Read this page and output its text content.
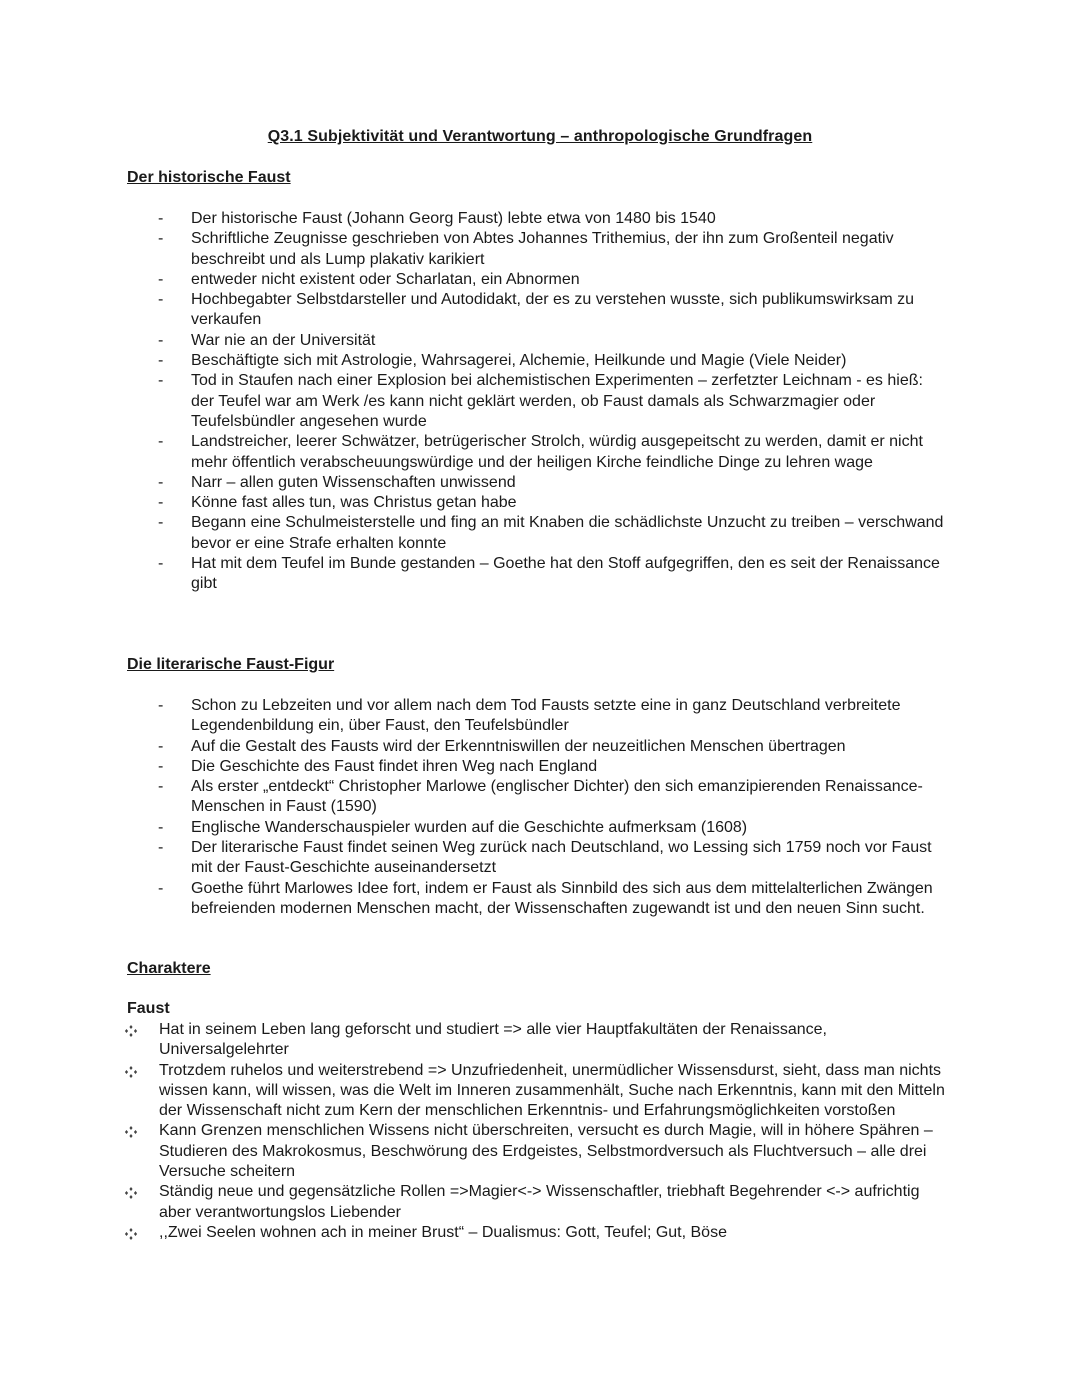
Q3.1 Subjektivität und Verantwortung – anthropologische Grundfragen
Der historische Faust
- Der historische Faust (Johann Georg Faust) lebte etwa von 1480 bis 1540
- Schriftliche Zeugnisse geschrieben von Abtes Johannes Trithemius, der ihn zum Großenteil negativ beschreibt und als Lump plakativ karikiert
- entweder nicht existent oder Scharlatan, ein Abnormen
- Hochbegabter Selbstdarsteller und Autodidakt, der es zu verstehen wusste, sich publikumswirksam zu verkaufen
- War nie an der Universität
- Beschäftigte sich mit Astrologie, Wahrsagerei, Alchemie, Heilkunde und Magie (Viele Neider)
- Tod in Staufen nach einer Explosion bei alchemistischen Experimenten – zerfetzter Leichnam - es hieß: der Teufel war am Werk /es kann nicht geklärt werden, ob Faust damals als Schwarzmagier oder Teufelsbündler angesehen wurde
- Landstreicher, leerer Schwätzer, betrügerischer Strolch, würdig ausgepeitscht zu werden, damit er nicht mehr öffentlich verabscheuungswürdige und der heiligen Kirche feindliche Dinge zu lehren wage
- Narr – allen guten Wissenschaften unwissend
- Könne fast alles tun, was Christus getan habe
- Begann eine Schulmeisterstelle und fing an mit Knaben die schädlichste Unzucht zu treiben – verschwand bevor er eine Strafe erhalten konnte
- Hat mit dem Teufel im Bunde gestanden – Goethe hat den Stoff aufgegriffen, den es seit der Renaissance gibt
Die literarische Faust-Figur
- Schon zu Lebzeiten und vor allem nach dem Tod Fausts setzte eine in ganz Deutschland verbreitete Legendenbildung ein, über Faust, den Teufelsbündler
- Auf die Gestalt des Fausts wird der Erkenntniswillen der neuzeitlichen Menschen übertragen
- Die Geschichte des Faust findet ihren Weg nach England
- Als erster „entdeckt“ Christopher Marlowe (englischer Dichter) den sich emanzipierenden Renaissance-Menschen in Faust (1590)
- Englische Wanderschauspieler wurden auf die Geschichte aufmerksam (1608)
- Der literarische Faust findet seinen Weg zurück nach Deutschland, wo Lessing sich 1759 noch vor Faust mit der Faust-Geschichte auseinandersetzt
- Goethe führt Marlowes Idee fort, indem er Faust als Sinnbild des sich aus dem mittelalterlichen Zwängen befreienden modernen Menschen macht, der Wissenschaften zugewandt ist und den neuen Sinn sucht.
Charaktere
Faust
Hat in seinem Leben lang geforscht und studiert => alle vier Hauptfakultäten der Renaissance, Universalgelehrter
Trotzdem ruhelos und weiterstrebend => Unzufriedenheit, unermüdlicher Wissensdurst, sieht, dass man nichts wissen kann, will wissen, was die Welt im Inneren zusammenhält, Suche nach Erkenntnis, kann mit den Mitteln der Wissenschaft nicht zum Kern der menschlichen Erkenntnis- und Erfahrungsmöglichkeiten vorstoßen
Kann Grenzen menschlichen Wissens nicht überschreiten, versucht es durch Magie, will in höhere Spähren – Studieren des Makrokosmus, Beschwörung des Erdgeistes, Selbstmordversuch als Fluchtversuch – alle drei Versuche scheitern
Ständig neue und gegensätzliche Rollen =>Magier<-> Wissenschaftler, triebhaft Begehrender <-> aufrichtig aber verantwortungslos Liebender
,,Zwei Seelen wohnen ach in meiner Brust“ – Dualismus: Gott, Teufel; Gut, Böse
